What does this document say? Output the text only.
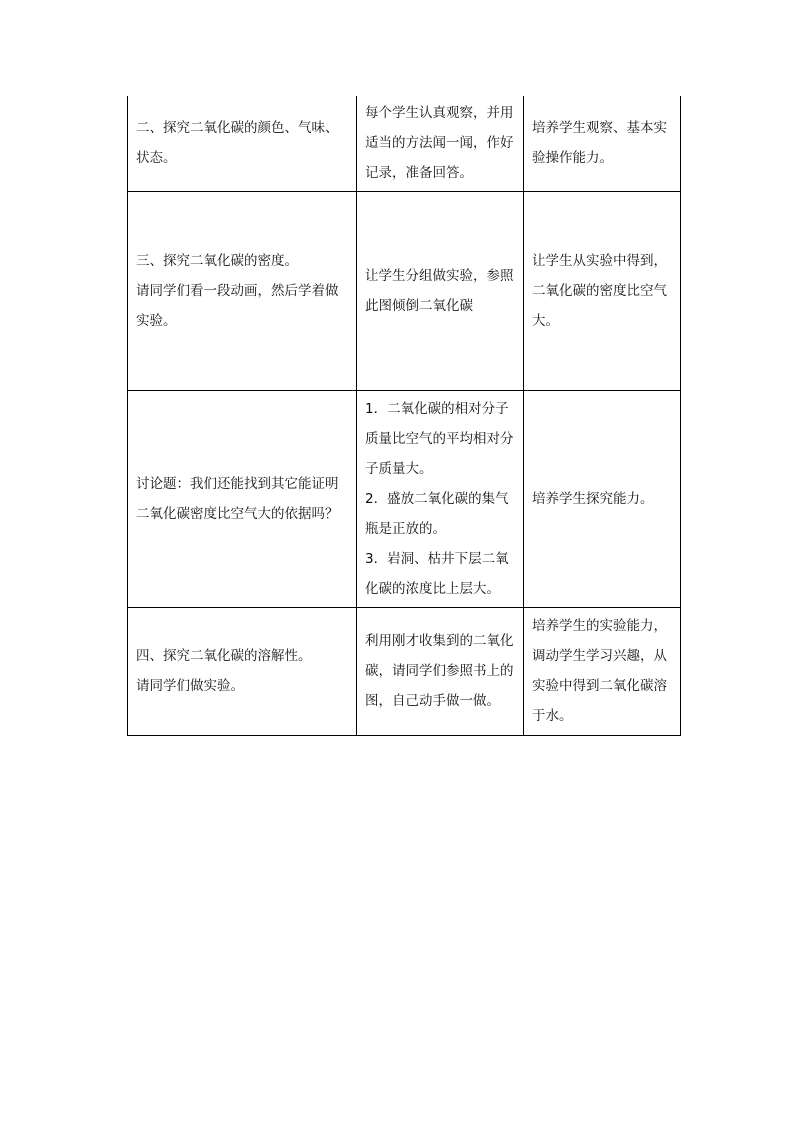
二、探究二氧化碳的颜色、气味、状态。	每个学生认真观察，并用适当的方法闻一闻，作好记录，准备回答。	培养学生观察、基本实验操作能力。

三、探究二氧化碳的密度。
请同学们看一段动画，然后学着做实验。	让学生分组做实验，参照此图倾倒二氧化碳	让学生从实验中得到，二氧化碳的密度比空气大。

讨论题：我们还能找到其它能证明二氧化碳密度比空气大的依据吗？	1．二氧化碳的相对分子质量比空气的平均相对分子质量大。
2．盛放二氧化碳的集气瓶是正放的。
3．岩洞、枯井下层二氧化碳的浓度比上层大。	培养学生探究能力。

四、探究二氧化碳的溶解性。
请同学们做实验。	利用刚才收集到的二氧化碳，请同学们参照书上的图，自己动手做一做。	培养学生的实验能力，调动学生学习兴趣，从实验中得到二氧化碳溶于水。
